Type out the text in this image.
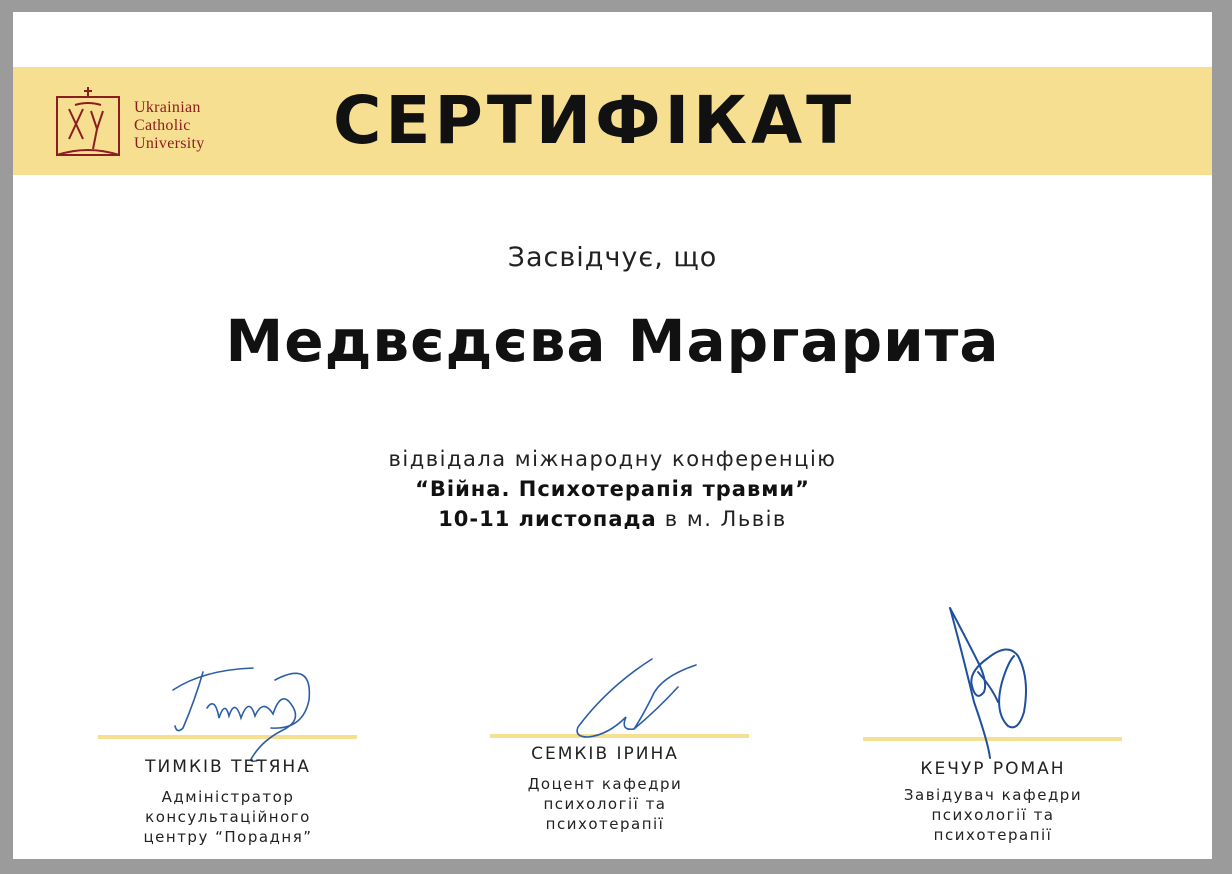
Ukrainian
Catholic
University СЕРТИФІКАТ
Засвідчує, що
Медвєдєва Маргарита
відвідала міжнародну конференцію
“Війна. Психотерапія травми”
10-11 листопада в м. Львів
ТИМКІВ ТЕТЯНА
Адміністратор
консультаційного
центру “Порадня”
СЕМКІВ ІРИНА
Доцент кафедри
психології та
психотерапії
КЕЧУР РОМАН
Завідувач кафедри
психології та
психотерапії
